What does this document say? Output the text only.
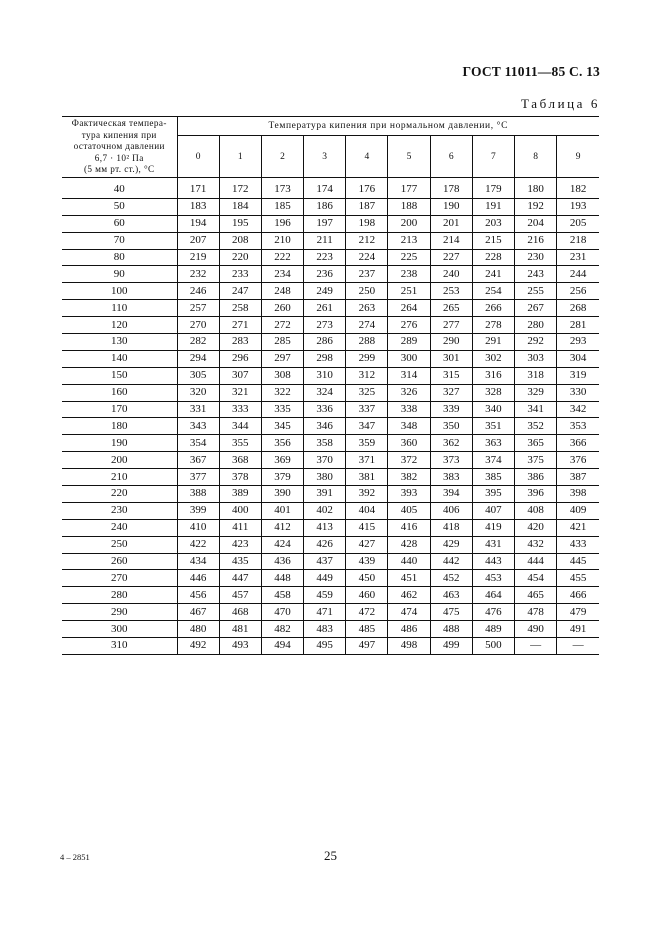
ГОСТ 11011—85 С. 13
Таблица 6
Фактическая темпера-
тура кипения при
остаточном давлении
6,7 · 10² Па
(5 мм рт. ст.), °С	Температура кипения при нормальном давлении, °С									
	0	1	2	3	4	5	6	7	8	9

40	171	172	173	174	176	177	178	179	180	182
50	183	184	185	186	187	188	190	191	192	193
60	194	195	196	197	198	200	201	203	204	205
70	207	208	210	211	212	213	214	215	216	218
80	219	220	222	223	224	225	227	228	230	231
90	232	233	234	236	237	238	240	241	243	244
100	246	247	248	249	250	251	253	254	255	256
110	257	258	260	261	263	264	265	266	267	268
120	270	271	272	273	274	276	277	278	280	281
130	282	283	285	286	288	289	290	291	292	293
140	294	296	297	298	299	300	301	302	303	304
150	305	307	308	310	312	314	315	316	318	319
160	320	321	322	324	325	326	327	328	329	330
170	331	333	335	336	337	338	339	340	341	342
180	343	344	345	346	347	348	350	351	352	353
190	354	355	356	358	359	360	362	363	365	366
200	367	368	369	370	371	372	373	374	375	376
210	377	378	379	380	381	382	383	385	386	387
220	388	389	390	391	392	393	394	395	396	398
230	399	400	401	402	404	405	406	407	408	409
240	410	411	412	413	415	416	418	419	420	421
250	422	423	424	426	427	428	429	431	432	433
260	434	435	436	437	439	440	442	443	444	445
270	446	447	448	449	450	451	452	453	454	455
280	456	457	458	459	460	462	463	464	465	466
290	467	468	470	471	472	474	475	476	478	479
300	480	481	482	483	485	486	488	489	490	491
310	492	493	494	495	497	498	499	500	—	—
4 – 2851	25
